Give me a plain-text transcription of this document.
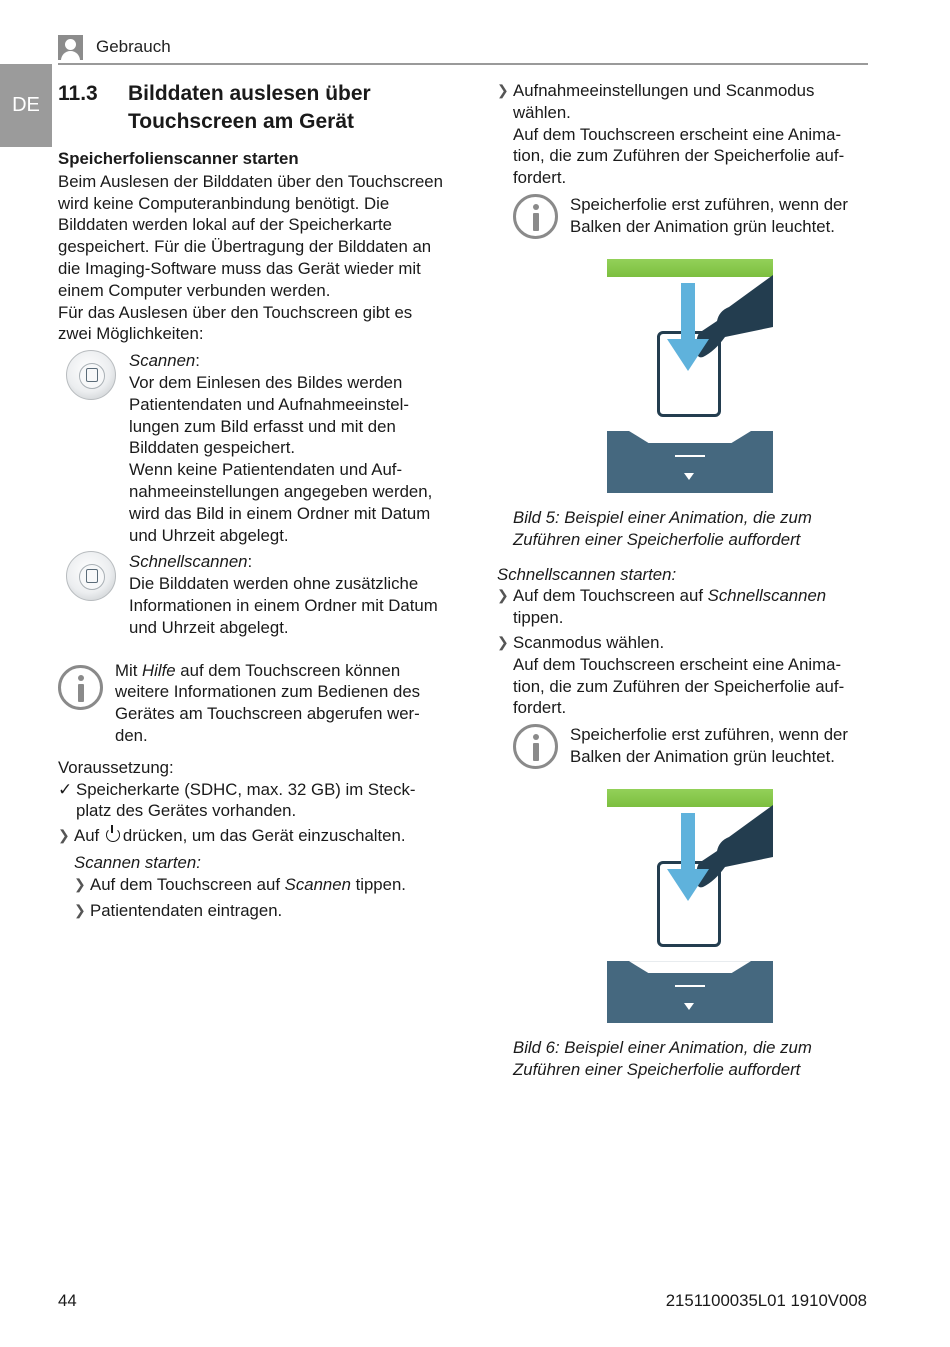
Gebrauch
DE 11.3	Bilddaten auslesen über Touchscreen am Gerät
Speicherfolienscanner starten

Beim Auslesen der Bilddaten über den Touchscreen wird keine Computeranbindung benötigt. Die Bilddaten werden lokal auf der Speicherkarte gespeichert. Für die Übertragung der Bilddaten an die Imaging-Software muss das Gerät wieder mit einem Computer verbunden werden.

Für das Auslesen über den Touchscreen gibt es zwei Möglichkeiten:

Scannen:

Vor dem Einlesen des Bildes werden Patientendaten und Aufnahmeeinstellungen zum Bild erfasst und mit den Bilddaten gespeichert.

Wenn keine Patientendaten und Aufnahmeeinstellungen angegeben werden, wird das Bild in einem Ordner mit Datum und Uhrzeit abgelegt.

Schnellscannen:

Die Bilddaten werden ohne zusätzliche Informationen in einem Ordner mit Datum und Uhrzeit abgelegt.

Mit Hilfe auf dem Touchscreen können weitere Informationen zum Bedienen des Gerätes am Touchscreen abgerufen werden.

Voraussetzung:
✓ Speicherkarte (SDHC, max. 32 GB) im Steckplatz des Gerätes vorhanden.
❯ Auf drücken, um das Gerät einzuschalten.
Scannen starten:
❯ Auf dem Touchscreen auf Scannen tippen.
❯ Patientendaten eintragen.
❯ Aufnahmeeinstellungen und Scanmodus wählen.

Auf dem Touchscreen erscheint eine Animation, die zum Zuführen der Speicherfolie auffordert.

Speicherfolie erst zuführen, wenn der Balken der Animation grün leuchtet.

Bild 5: Beispiel einer Animation, die zum Zuführen einer Speicherfolie auffordert

Schnellscannen starten:
❯ Auf dem Touchscreen auf Schnellscannen tippen.
❯ Scanmodus wählen.

Auf dem Touchscreen erscheint eine Animation, die zum Zuführen der Speicherfolie auffordert.

Speicherfolie erst zuführen, wenn der Balken der Animation grün leuchtet.

Bild 6: Beispiel einer Animation, die zum Zuführen einer Speicherfolie auffordert

44	2151100035L01 1910V008
